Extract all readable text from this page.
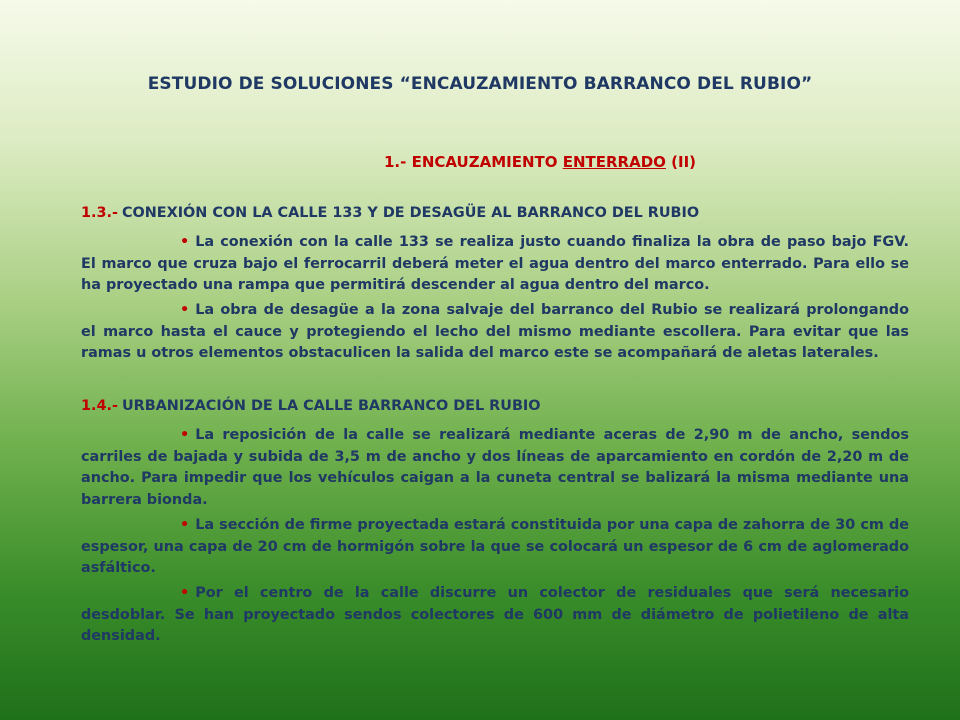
ESTUDIO DE SOLUCIONES “ENCAUZAMIENTO BARRANCO DEL RUBIO”
1.- ENCAUZAMIENTO ENTERRADO (II)
1.3.- CONEXIÓN CON LA CALLE 133 Y DE DESAGÜE AL BARRANCO DEL RUBIO
• La conexión con la calle 133 se realiza justo cuando finaliza la obra de paso bajo FGV. El marco que cruza bajo el ferrocarril deberá meter el agua dentro del marco enterrado. Para ello se ha proyectado una rampa que permitirá descender al agua dentro del marco.
• La obra de desagüe a la zona salvaje del barranco del Rubio se realizará prolongando el marco hasta el cauce y protegiendo el lecho del mismo mediante escollera. Para evitar que las ramas u otros elementos obstaculicen la salida del marco este se acompañará de aletas laterales.
1.4.- URBANIZACIÓN DE LA CALLE BARRANCO DEL RUBIO
• La reposición de la calle se realizará mediante aceras de 2,90 m de ancho, sendos carriles de bajada y subida de 3,5 m de ancho y dos líneas de aparcamiento en cordón de 2,20 m de ancho. Para impedir que los vehículos caigan a la cuneta central se balizará la misma mediante una barrera bionda.
• La sección de firme proyectada estará constituida por una capa de zahorra de 30 cm de espesor, una capa de 20 cm de hormigón sobre la que se colocará un espesor de 6 cm de aglomerado asfáltico.
• Por el centro de la calle discurre un colector de residuales que será necesario desdoblar. Se han proyectado sendos colectores de 600 mm de diámetro de polietileno de alta densidad.
